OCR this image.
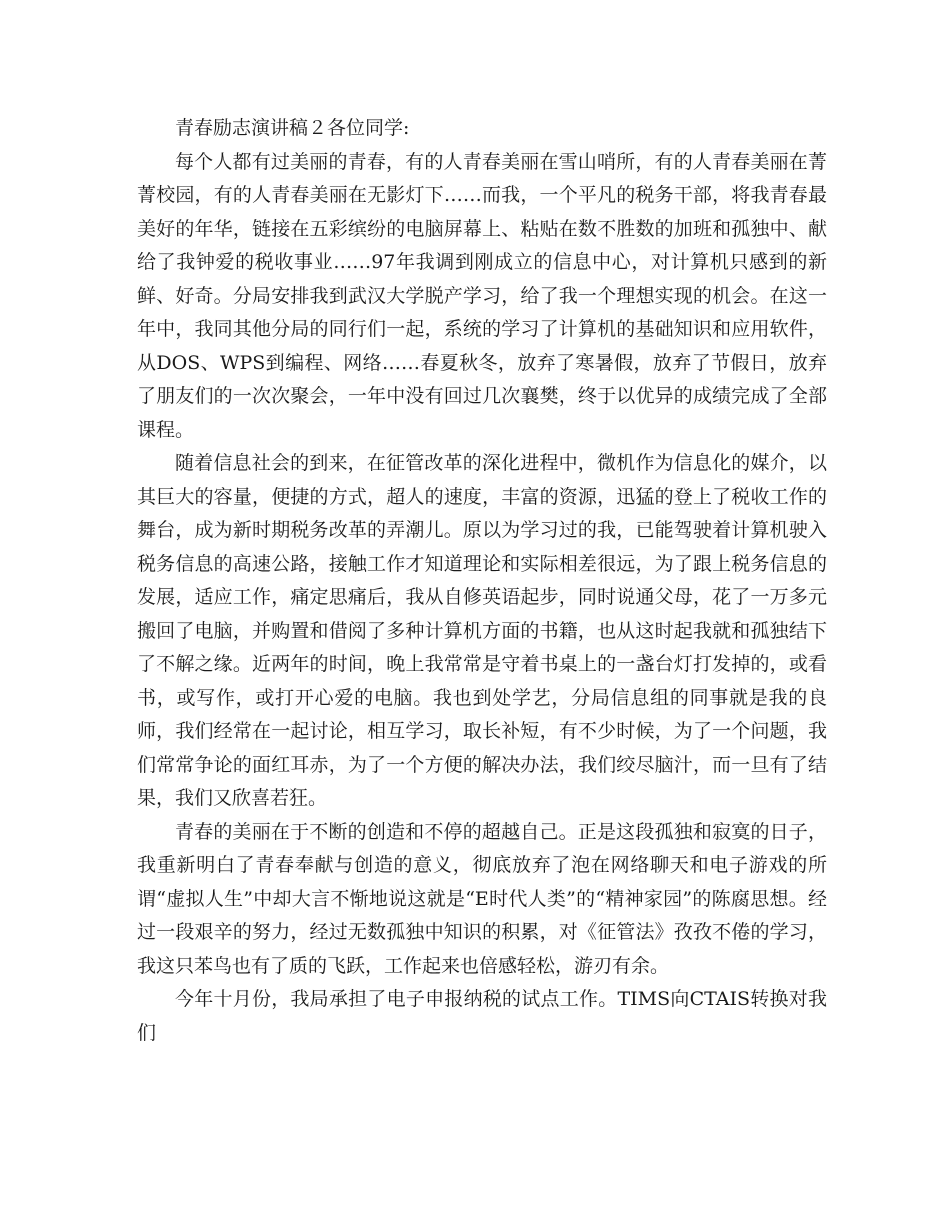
青春励志演讲稿２各位同学:

每个人都有过美丽的青春，有的人青春美丽在雪山哨所，有的人青春美丽在菁菁校园，有的人青春美丽在无影灯下……而我，一个平凡的税务干部，将我青春最美好的年华，链接在五彩缤纷的电脑屏幕上、粘贴在数不胜数的加班和孤独中、献给了我钟爱的税收事业……97年我调到刚成立的信息中心，对计算机只感到的新鲜、好奇。分局安排我到武汉大学脱产学习，给了我一个理想实现的机会。在这一年中，我同其他分局的同行们一起，系统的学习了计算机的基础知识和应用软件，从DOS、WPS到编程、网络……春夏秋冬，放弃了寒暑假，放弃了节假日，放弃了朋友们的一次次聚会，一年中没有回过几次襄樊，终于以优异的成绩完成了全部课程。

随着信息社会的到来，在征管改革的深化进程中，微机作为信息化的媒介，以其巨大的容量，便捷的方式，超人的速度，丰富的资源，迅猛的登上了税收工作的舞台，成为新时期税务改革的弄潮儿。原以为学习过的我，已能驾驶着计算机驶入税务信息的高速公路，接触工作才知道理论和实际相差很远，为了跟上税务信息的发展，适应工作，痛定思痛后，我从自修英语起步，同时说通父母，花了一万多元搬回了电脑，并购置和借阅了多种计算机方面的书籍，也从这时起我就和孤独结下了不解之缘。近两年的时间，晚上我常常是守着书桌上的一盏台灯打发掉的，或看书，或写作，或打开心爱的电脑。我也到处学艺，分局信息组的同事就是我的良师，我们经常在一起讨论，相互学习，取长补短，有不少时候，为了一个问题，我们常常争论的面红耳赤，为了一个方便的解决办法，我们绞尽脑汁，而一旦有了结果，我们又欣喜若狂。

青春的美丽在于不断的创造和不停的超越自己。正是这段孤独和寂寞的日子，我重新明白了青春奉献与创造的意义，彻底放弃了泡在网络聊天和电子游戏的所谓“虚拟人生”中却大言不惭地说这就是“E时代人类”的“精神家园”的陈腐思想。经过一段艰辛的努力，经过无数孤独中知识的积累，对《征管法》孜孜不倦的学习，我这只苯鸟也有了质的飞跃，工作起来也倍感轻松，游刃有余。

今年十月份，我局承担了电子申报纳税的试点工作。TIMS向CTAIS转换对我们
